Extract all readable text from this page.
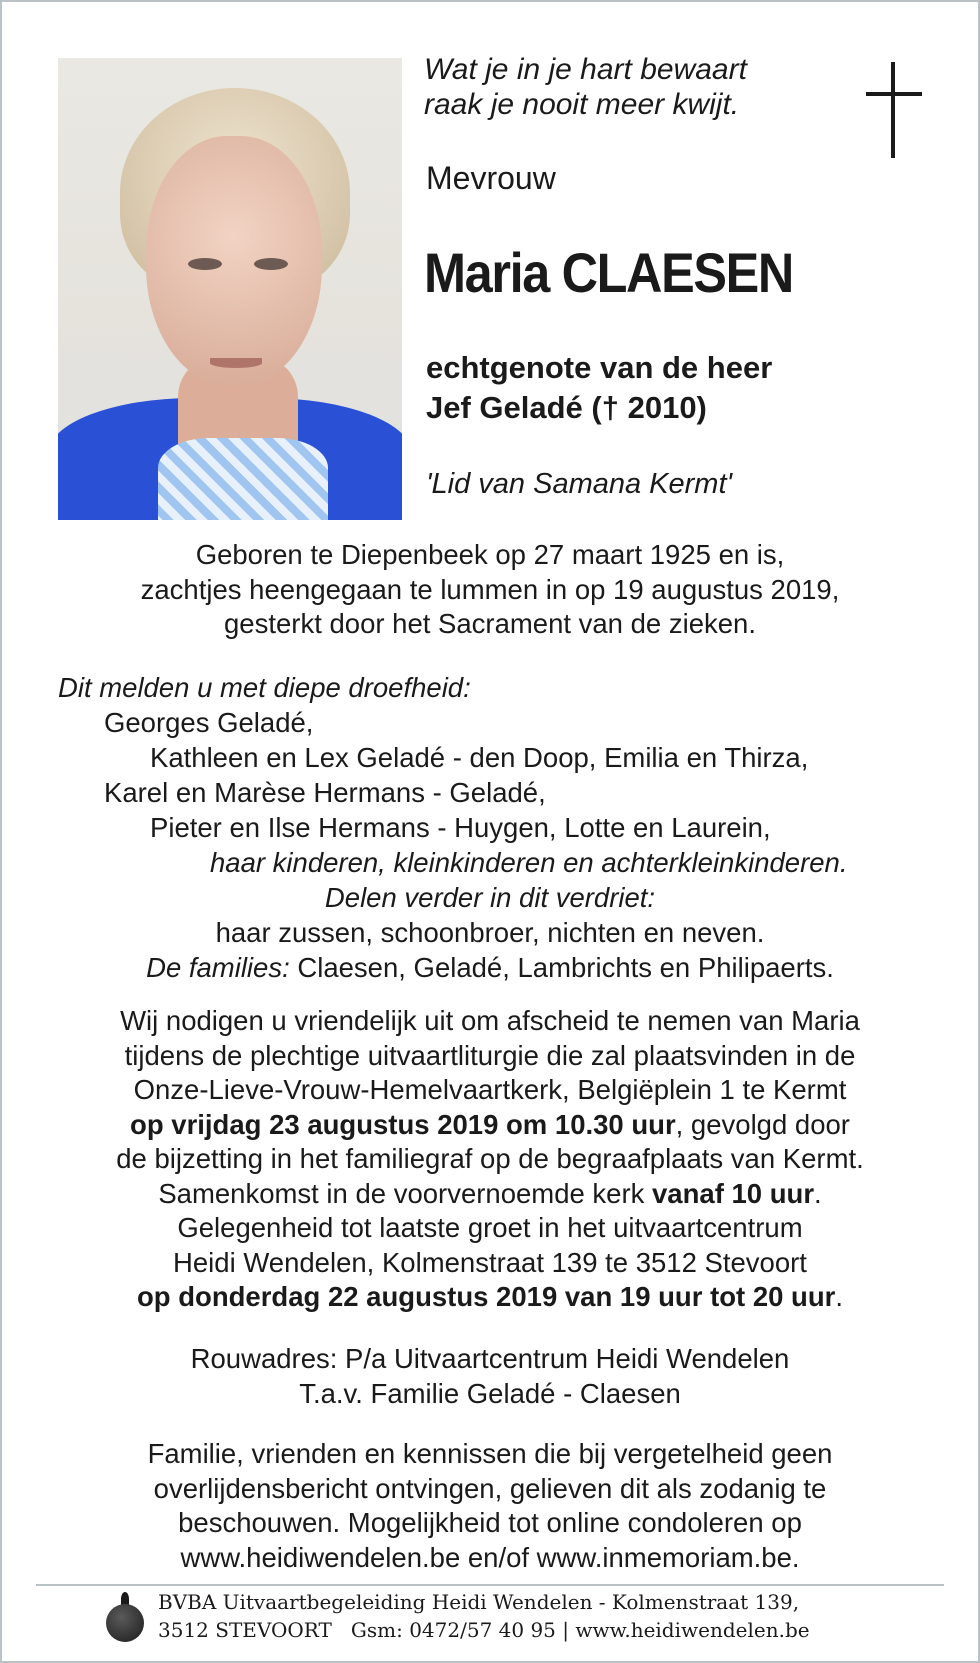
Wat je in je hart bewaart
raak je nooit meer kwijt.
Mevrouw
Maria CLAESEN
echtgenote van de heer
Jef Geladé († 2010)
'Lid van Samana Kermt'
Geboren te Diepenbeek op 27 maart 1925 en is,
zachtjes heengegaan te lummen in op 19 augustus 2019,
gesterkt door het Sacrament van de zieken.
Dit melden u met diepe droefheid:
Georges Geladé,
Kathleen en Lex Geladé - den Doop, Emilia en Thirza,
Karel en Marèse Hermans - Geladé,
Pieter en Ilse Hermans - Huygen, Lotte en Laurein,
haar kinderen, kleinkinderen en achterkleinkinderen.
Delen verder in dit verdriet:
haar zussen, schoonbroer, nichten en neven.
De families: Claesen, Geladé, Lambrichts en Philipaerts.
Wij nodigen u vriendelijk uit om afscheid te nemen van Maria
tijdens de plechtige uitvaartliturgie die zal plaatsvinden in de
Onze-Lieve-Vrouw-Hemelvaartkerk, Belgiëplein 1 te Kermt
op vrijdag 23 augustus 2019 om 10.30 uur, gevolgd door
de bijzetting in het familiegraf op de begraafplaats van Kermt.
Samenkomst in de voorvernoemde kerk vanaf 10 uur.
Gelegenheid tot laatste groet in het uitvaartcentrum
Heidi Wendelen, Kolmenstraat 139 te 3512 Stevoort
op donderdag 22 augustus 2019 van 19 uur tot 20 uur.
Rouwadres: P/a Uitvaartcentrum Heidi Wendelen
T.a.v. Familie Geladé - Claesen
Familie, vrienden en kennissen die bij vergetelheid geen
overlijdensbericht ontvingen, gelieven dit als zodanig te
beschouwen. Mogelijkheid tot online condoleren op
www.heidiwendelen.be en/of www.inmemoriam.be.
BVBA Uitvaartbegeleiding Heidi Wendelen - Kolmenstraat 139,
3512 STEVOORT   Gsm: 0472/57 40 95 | www.heidiwendelen.be
